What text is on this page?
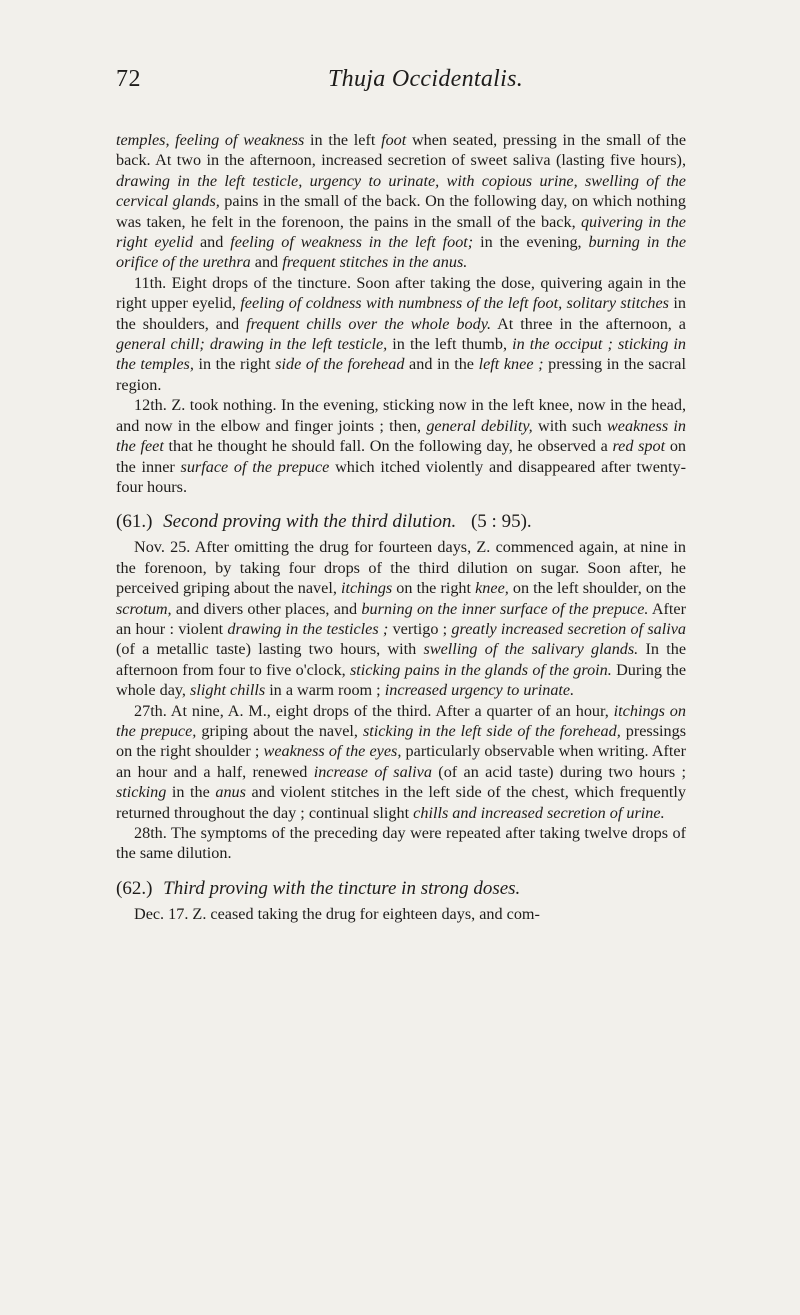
72	Thuja Occidentalis.

temples, feeling of weakness in the left foot when seated, pressing in the small of the back. At two in the afternoon, increased secretion of sweet saliva (lasting five hours), drawing in the left testicle, urgency to urinate, with copious urine, swelling of the cervical glands, pains in the small of the back. On the following day, on which nothing was taken, he felt in the forenoon, the pains in the small of the back, quivering in the right eyelid and feeling of weakness in the left foot; in the evening, burning in the orifice of the urethra and frequent stitches in the anus.

11th. Eight drops of the tincture. Soon after taking the dose, quivering again in the right upper eyelid, feeling of coldness with numbness of the left foot, solitary stitches in the shoulders, and frequent chills over the whole body. At three in the afternoon, a general chill; drawing in the left testicle, in the left thumb, in the occiput ; sticking in the temples, in the right side of the forehead and in the left knee ; pressing in the sacral region.

12th. Z. took nothing. In the evening, sticking now in the left knee, now in the head, and now in the elbow and finger joints ; then, general debility, with such weakness in the feet that he thought he should fall. On the following day, he observed a red spot on the inner surface of the prepuce which itched violently and disappeared after twenty-four hours.

(61.) Second proving with the third dilution. (5 : 95).

Nov. 25. After omitting the drug for fourteen days, Z. commenced again, at nine in the forenoon, by taking four drops of the third dilution on sugar. Soon after, he perceived griping about the navel, itchings on the right knee, on the left shoulder, on the scrotum, and divers other places, and burning on the inner surface of the prepuce. After an hour : violent drawing in the testicles ; vertigo ; greatly increased secretion of saliva (of a metallic taste) lasting two hours, with swelling of the salivary glands. In the afternoon from four to five o'clock, sticking pains in the glands of the groin. During the whole day, slight chills in a warm room ; increased urgency to urinate.

27th. At nine, A. M., eight drops of the third. After a quarter of an hour, itchings on the prepuce, griping about the navel, sticking in the left side of the forehead, pressings on the right shoulder ; weakness of the eyes, particularly observable when writing. After an hour and a half, renewed increase of saliva (of an acid taste) during two hours ; sticking in the anus and violent stitches in the left side of the chest, which frequently returned throughout the day ; continual slight chills and increased secretion of urine.

28th. The symptoms of the preceding day were repeated after taking twelve drops of the same dilution.

(62.) Third proving with the tincture in strong doses.

Dec. 17. Z. ceased taking the drug for eighteen days, and com-
